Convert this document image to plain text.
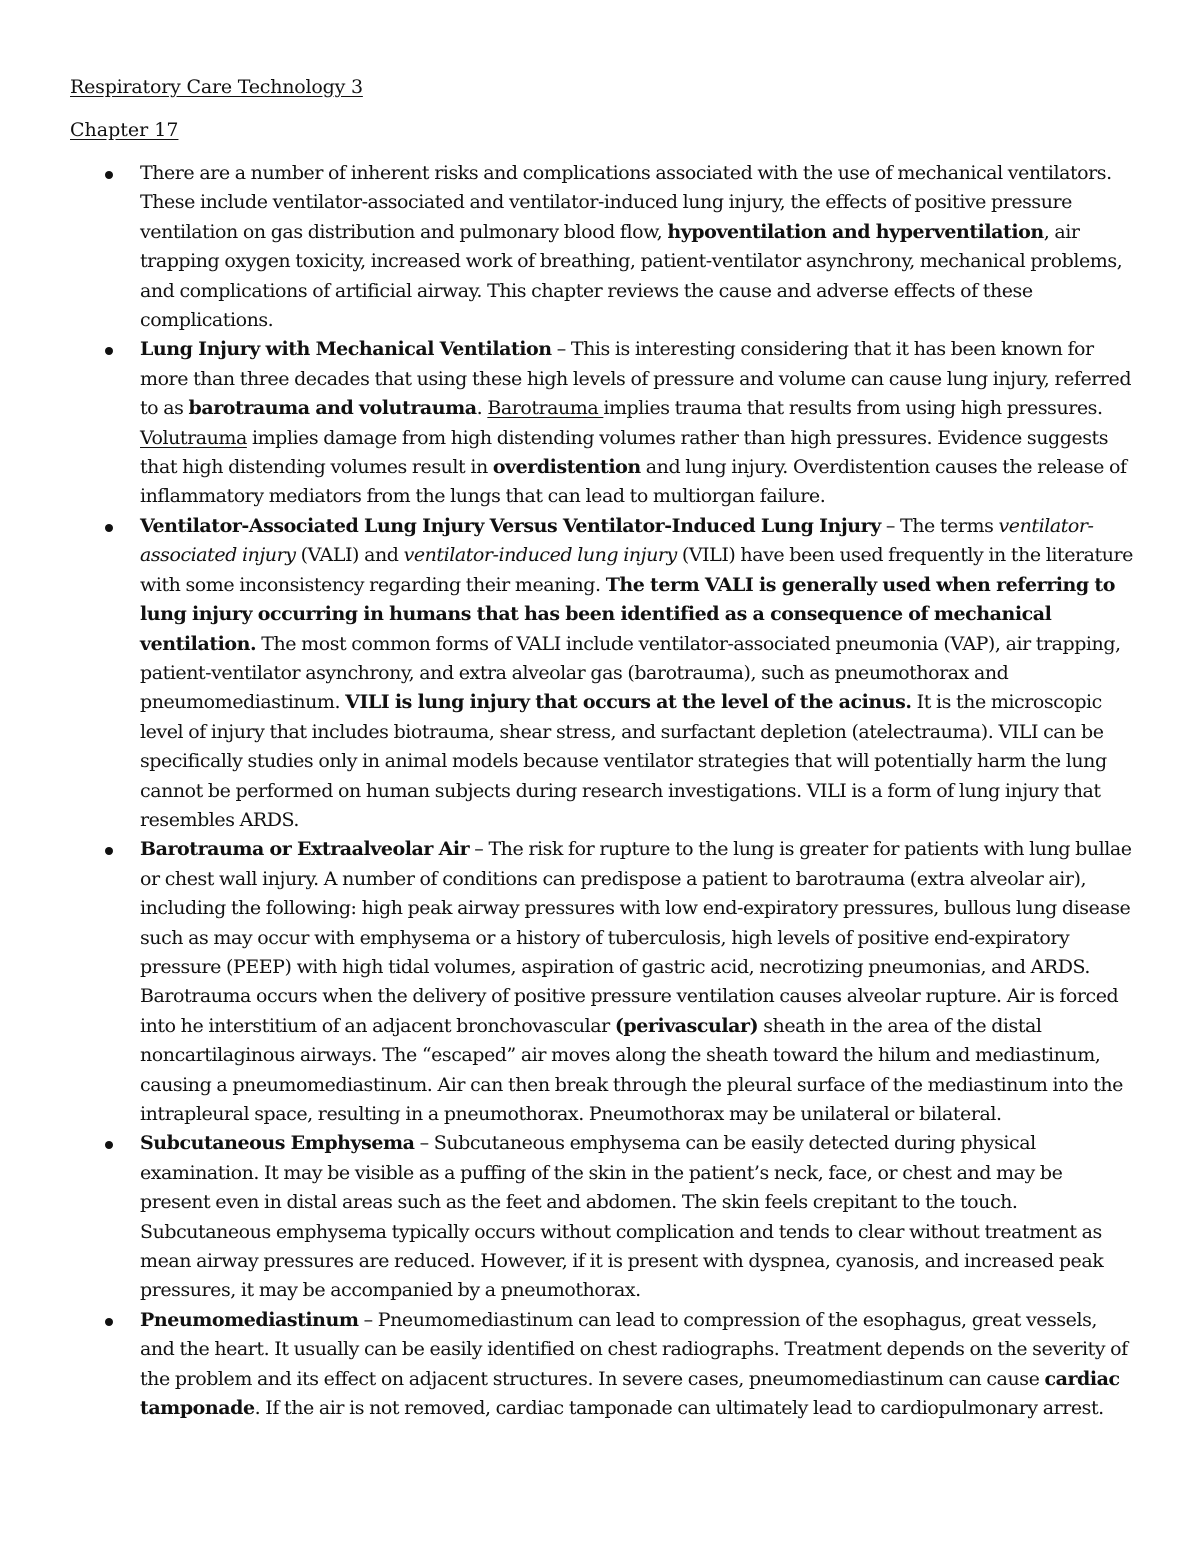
Respiratory Care Technology 3
Chapter 17
There are a number of inherent risks and complications associated with the use of mechanical ventilators. These include ventilator-associated and ventilator-induced lung injury, the effects of positive pressure ventilation on gas distribution and pulmonary blood flow, hypoventilation and hyperventilation, air trapping oxygen toxicity, increased work of breathing, patient-ventilator asynchrony, mechanical problems, and complications of artificial airway. This chapter reviews the cause and adverse effects of these complications.
Lung Injury with Mechanical Ventilation – This is interesting considering that it has been known for more than three decades that using these high levels of pressure and volume can cause lung injury, referred to as barotrauma and volutrauma. Barotrauma implies trauma that results from using high pressures. Volutrauma implies damage from high distending volumes rather than high pressures. Evidence suggests that high distending volumes result in overdistention and lung injury. Overdistention causes the release of inflammatory mediators from the lungs that can lead to multiorgan failure.
Ventilator-Associated Lung Injury Versus Ventilator-Induced Lung Injury – The terms ventilator-associated injury (VALI) and ventilator-induced lung injury (VILI) have been used frequently in the literature with some inconsistency regarding their meaning. The term VALI is generally used when referring to lung injury occurring in humans that has been identified as a consequence of mechanical ventilation. The most common forms of VALI include ventilator-associated pneumonia (VAP), air trapping, patient-ventilator asynchrony, and extra alveolar gas (barotrauma), such as pneumothorax and pneumomediastinum. VILI is lung injury that occurs at the level of the acinus. It is the microscopic level of injury that includes biotrauma, shear stress, and surfactant depletion (atelectrauma). VILI can be specifically studies only in animal models because ventilator strategies that will potentially harm the lung cannot be performed on human subjects during research investigations. VILI is a form of lung injury that resembles ARDS.
Barotrauma or Extraalveolar Air – The risk for rupture to the lung is greater for patients with lung bullae or chest wall injury. A number of conditions can predispose a patient to barotrauma (extra alveolar air), including the following: high peak airway pressures with low end-expiratory pressures, bullous lung disease such as may occur with emphysema or a history of tuberculosis, high levels of positive end-expiratory pressure (PEEP) with high tidal volumes, aspiration of gastric acid, necrotizing pneumonias, and ARDS. Barotrauma occurs when the delivery of positive pressure ventilation causes alveolar rupture. Air is forced into he interstitium of an adjacent bronchovascular (perivascular) sheath in the area of the distal noncartilaginous airways. The “escaped” air moves along the sheath toward the hilum and mediastinum, causing a pneumomediastinum. Air can then break through the pleural surface of the mediastinum into the intrapleural space, resulting in a pneumothorax. Pneumothorax may be unilateral or bilateral.
Subcutaneous Emphysema – Subcutaneous emphysema can be easily detected during physical examination. It may be visible as a puffing of the skin in the patient’s neck, face, or chest and may be present even in distal areas such as the feet and abdomen. The skin feels crepitant to the touch. Subcutaneous emphysema typically occurs without complication and tends to clear without treatment as mean airway pressures are reduced. However, if it is present with dyspnea, cyanosis, and increased peak pressures, it may be accompanied by a pneumothorax.
Pneumomediastinum – Pneumomediastinum can lead to compression of the esophagus, great vessels, and the heart. It usually can be easily identified on chest radiographs. Treatment depends on the severity of the problem and its effect on adjacent structures. In severe cases, pneumomediastinum can cause cardiac tamponade. If the air is not removed, cardiac tamponade can ultimately lead to cardiopulmonary arrest.
